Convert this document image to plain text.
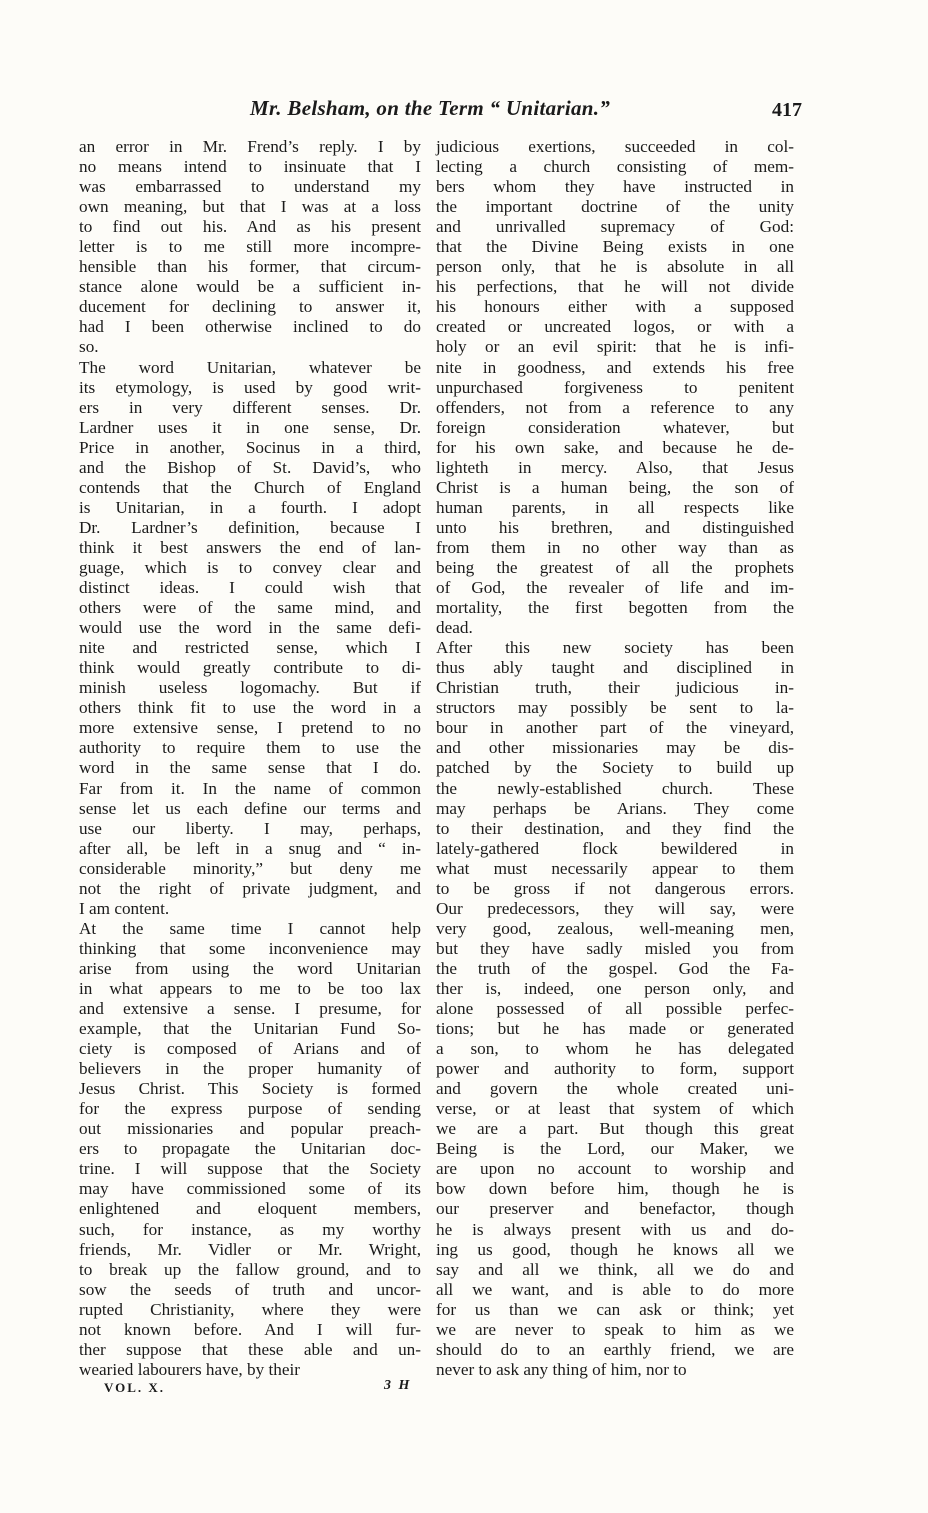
Mr. Belsham, on the Term “ Unitarian.”	417
an error in Mr. Frend’s reply. I by
no means intend to insinuate that I
was embarrassed to understand my
own meaning, but that I was at a loss
to find out his. And as his present
letter is to me still more incompre-
hensible than his former, that circum-
stance alone would be a sufficient in-
ducement for declining to answer it,
had I been otherwise inclined to do
so.
The word Unitarian, whatever be
its etymology, is used by good writ-
ers in very different senses. Dr.
Lardner uses it in one sense, Dr.
Price in another, Socinus in a third,
and the Bishop of St. David’s, who
contends that the Church of England
is Unitarian, in a fourth. I adopt
Dr. Lardner’s definition, because I
think it best answers the end of lan-
guage, which is to convey clear and
distinct ideas. I could wish that
others were of the same mind, and
would use the word in the same defi-
nite and restricted sense, which I
think would greatly contribute to di-
minish useless logomachy. But if
others think fit to use the word in a
more extensive sense, I pretend to no
authority to require them to use the
word in the same sense that I do.
Far from it. In the name of common
sense let us each define our terms and
use our liberty. I may, perhaps,
after all, be left in a snug and “ in-
considerable minority,” but deny me
not the right of private judgment, and
I am content.
At the same time I cannot help
thinking that some inconvenience may
arise from using the word Unitarian
in what appears to me to be too lax
and extensive a sense. I presume, for
example, that the Unitarian Fund So-
ciety is composed of Arians and of
believers in the proper humanity of
Jesus Christ. This Society is formed
for the express purpose of sending
out missionaries and popular preach-
ers to propagate the Unitarian doc-
trine. I will suppose that the Society
may have commissioned some of its
enlightened and eloquent members,
such, for instance, as my worthy
friends, Mr. Vidler or Mr. Wright,
to break up the fallow ground, and to
sow the seeds of truth and uncor-
rupted Christianity, where they were
not known before. And I will fur-
ther suppose that these able and un-
wearied labourers have, by their
judicious exertions, succeeded in col-
lecting a church consisting of mem-
bers whom they have instructed in
the important doctrine of the unity
and unrivalled supremacy of God:
that the Divine Being exists in one
person only, that he is absolute in all
his perfections, that he will not divide
his honours either with a supposed
created or uncreated logos, or with a
holy or an evil spirit: that he is infi-
nite in goodness, and extends his free
unpurchased forgiveness to penitent
offenders, not from a reference to any
foreign consideration whatever, but
for his own sake, and because he de-
lighteth in mercy. Also, that Jesus
Christ is a human being, the son of
human parents, in all respects like
unto his brethren, and distinguished
from them in no other way than as
being the greatest of all the prophets
of God, the revealer of life and im-
mortality, the first begotten from the
dead.
After this new society has been
thus ably taught and disciplined in
Christian truth, their judicious in-
structors may possibly be sent to la-
bour in another part of the vineyard,
and other missionaries may be dis-
patched by the Society to build up
the newly-established church. These
may perhaps be Arians. They come
to their destination, and they find the
lately-gathered flock bewildered in
what must necessarily appear to them
to be gross if not dangerous errors.
Our predecessors, they will say, were
very good, zealous, well-meaning men,
but they have sadly misled you from
the truth of the gospel. God the Fa-
ther is, indeed, one person only, and
alone possessed of all possible perfec-
tions; but he has made or generated
a son, to whom he has delegated
power and authority to form, support
and govern the whole created uni-
verse, or at least that system of which
we are a part. But though this great
Being is the Lord, our Maker, we
are upon no account to worship and
bow down before him, though he is
our preserver and benefactor, though
he is always present with us and do-
ing us good, though he knows all we
say and all we think, all we do and
all we want, and is able to do more
for us than we can ask or think; yet
we are never to speak to him as we
should do to an earthly friend, we are
never to ask any thing of him, nor to
VOL. X.	3 H
